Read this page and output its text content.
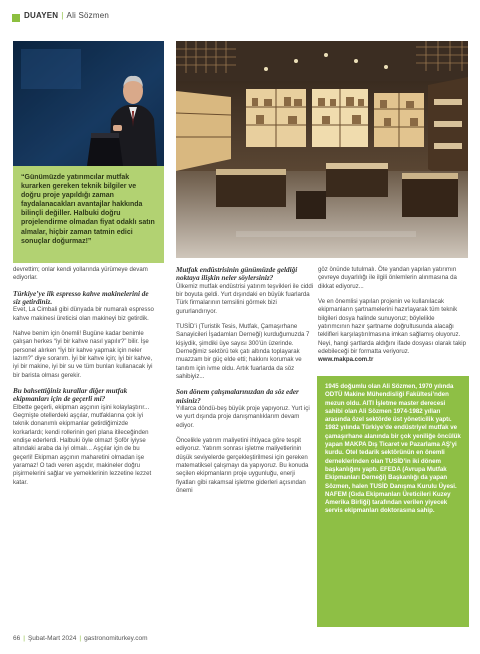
DUAYEN | Ali Sözmen

“Günümüzde yatırımcılar mutfak kurarken gereken teknik bilgiler ve doğru proje yapıldığı zaman faydalanacakları avantajlar hakkında bilinçli değiller. Halbuki doğru projelendirme olmadan fiyat odaklı satın almalar, hiçbir zaman tatmin edici sonuçlar doğurmaz!”

devrettim; onlar kendi yollarında yürümeye devam ediyorlar.

Türkiye’ye ilk espresso kahve makinelerini de siz getirdiniz.

Evet, La Cimbali gibi dünyada bir numaralı espresso kahve makinesi üreticisi olan makineyi biz getirdik.

Nahve benim için önemli! Bugüne kadar benimle çalışan herkes “iyi bir kahve nasıl yapılır?” bilir. İşe personel alırken “İyi bir kahve yapmak için neler lazım?” diye sorarım. İyi bir kahve için; iyi bir kahve, iyi bir makine, iyi bir su ve tüm bunları kullanacak iyi bir barista olması gerekir.

Bu bahsettiğiniz kurallar diğer mutfak ekipmanları için de geçerli mi?

Elbette geçerli, ekipman aşçının işini kolaylaştırır... Geçmişte otellerdeki aşçılar, mutfaklarına çok iyi teknik donanımlı ekipmanlar getirdiğimizde korkarlardı; kendi rollerinin geri plana itileceğinden endişe ederlerdi. Halbuki öyle olmaz! Şoför iyiyse altındaki araba da iyi olmalı... Aşçılar için de bu geçerli! Ekipman aşçının maharetini olmadan işe yaramaz! O tadı veren aşçıdır, makineler doğru pişirmelerini sağlar ve yemeklerinin lezzetine lezzet katar.

Mutfak endüstrisinin günümüzde geldiği noktaya ilişkin neler söylersiniz?

Ülkemiz mutfak endüstrisi yatırım teşvikleri ile ciddi bir boyuta geldi. Yurt dışındaki en büyük fuarlarda Türk firmalarının temsilini görmek bizi gururlandırıyor.

TUSİD’i (Turistik Tesis, Mutfak, Çamaşırhane Sanayicileri İşadamları Derneği) kurduğumuzda 7 kişiydik, şimdiki üye sayısı 300’ün üzerinde. Derneğimiz sektörü tek çatı altında toplayarak muazzam bir güç elde etti; hakkını korumak ve tanıtım için ivme oldu. Artık fuarlarda da söz sahibiyiz...

Son dönem çalışmalarınızdan da söz eder misiniz?

Yıllarca döndü-beş büyük proje yapıyoruz. Yurt içi ve yurt dışında proje danışmanlıklarım devam ediyor.

Öncelikle yatırım maliyetini ihtiyaca göre tespit ediyoruz. Yatırım sonrası işletme maliyetlerinin düşük seviyelerde gerçekleştirilmesi için gereken matematiksel çalışmayı da yapıyoruz. Bu konuda seçilen ekipmanların proje uygunluğu, enerji fiyatları gibi rakamsal işletme giderleri açısından önemi

göz önünde tutulmalı. Öte yandan yapılan yatırımın çevreye duyarlılığı ile ilgili önlemlerin alınmasına da dikkat ediyoruz...

Ve en önemlisi yapılan projenin ve kullanılacak ekipmanların şartnamelerini hazırlayarak tüm teknik bilgileri dosya halinde sunuyoruz; böylelikle yatırımcının hazır şartname doğrultusunda alacağı teklifleri karşılaştırılmasına imkan sağlamış oluyoruz. Neyi, hangi şartlarda aldığını ifade dosyası olarak takip edebileceği bir formatta veriyoruz.

www.makpa.com.tr

1945 doğumlu olan Ali Sözmen, 1970 yılında ODTÜ Makine Mühendisliği Fakültesi’nden mezun oldu. AITI İşletme master derecesi sahibi olan Ali Sözmen 1974-1982 yılları arasında özel sektörde üst yöneticilik yaptı. 1982 yılında Türkiye’de endüstriyel mutfak ve çamaşırhane alanında bir çok yeniliğe öncülük yapan MAKPA Dış Ticaret ve Pazarlama AŞ’yi kurdu. Otel tedarik sektörünün en önemli derneklerinden olan TUSİD’in iki dönem başkanlığını yaptı. EFEDA (Avrupa Mutfak Ekipmanları Derneği) Başkanlığı da yapan Sözmen, halen TUSİD Danışma Kurulu Üyesi. NAFEM (Gıda Ekipmanları Üreticileri Kuzey Amerika Birliği) tarafından verilen yiyecek servis ekipmanları doktorasına sahip.

66 | Şubat-Mart 2024 | gastronomiturkey.com
